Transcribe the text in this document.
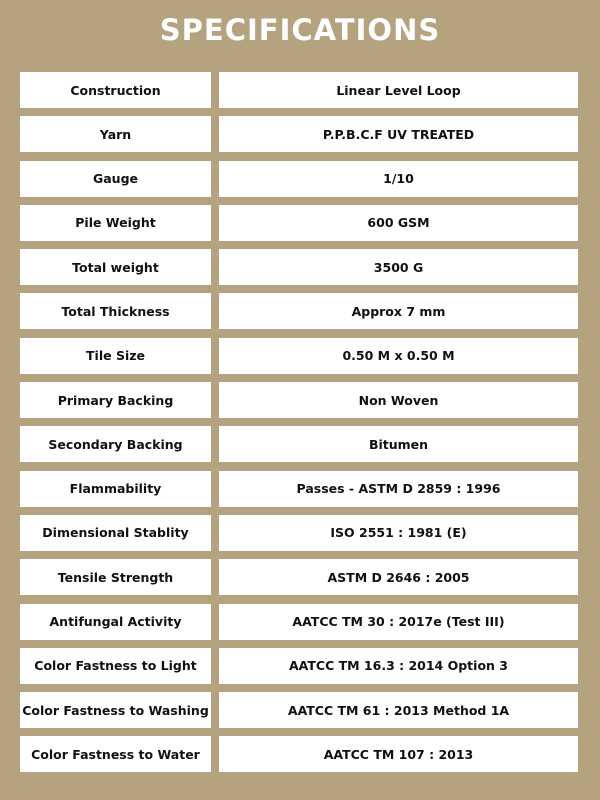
SPECIFICATIONS
Construction	Linear Level Loop
Yarn	P.P.B.C.F UV TREATED
Gauge	1/10
Pile Weight	600 GSM
Total weight	3500 G
Total Thickness	Approx 7 mm
Tile Size	0.50 M x 0.50 M
Primary Backing	Non Woven
Secondary Backing	Bitumen
Flammability	Passes - ASTM D 2859 : 1996
Dimensional Stablity	ISO 2551 : 1981 (E)
Tensile Strength	ASTM D 2646 : 2005
Antifungal Activity	AATCC TM 30 : 2017e (Test III)
Color Fastness to Light	AATCC TM 16.3 : 2014 Option 3
Color Fastness to Washing	AATCC TM 61 : 2013 Method 1A
Color Fastness to Water	AATCC TM 107 : 2013
